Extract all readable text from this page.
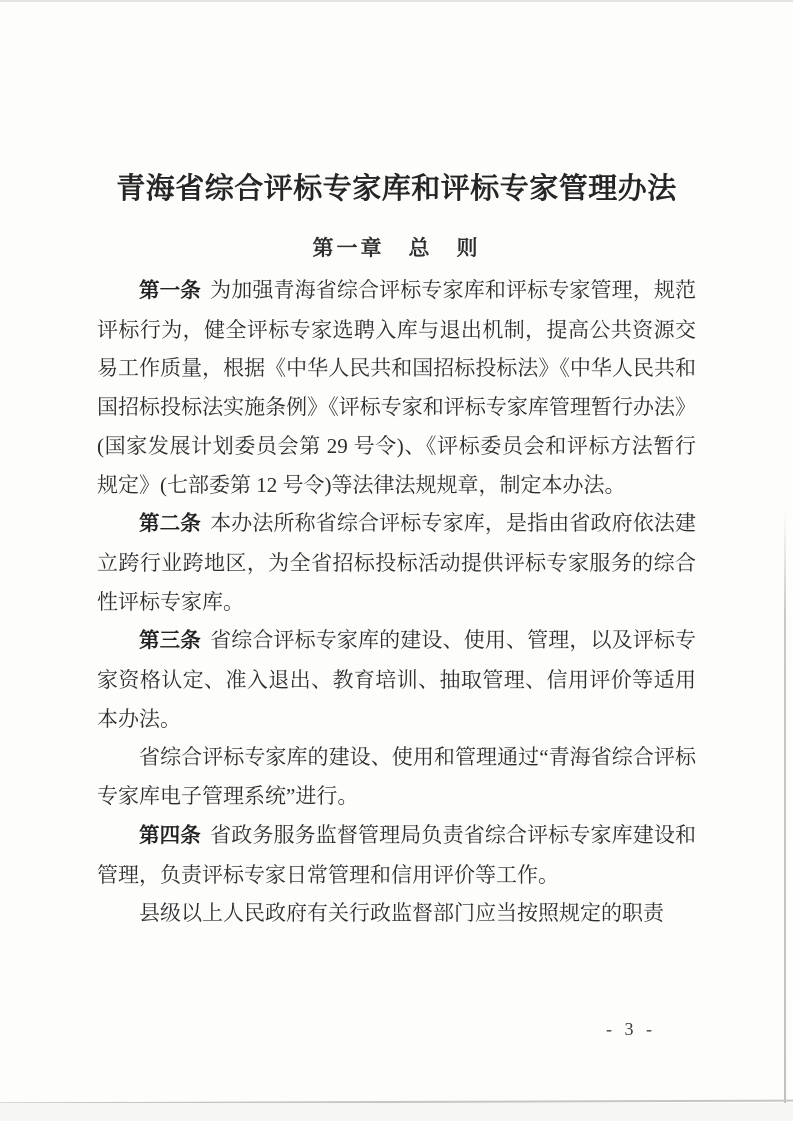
青海省综合评标专家库和评标专家管理办法
第一章　总　则

第一条 为加强青海省综合评标专家库和评标专家管理，规范评标行为，健全评标专家选聘入库与退出机制，提高公共资源交易工作质量，根据《中华人民共和国招标投标法》《中华人民共和国招标投标法实施条例》《评标专家和评标专家库管理暂行办法》(国家发展计划委员会第 29 号令)、《评标委员会和评标方法暂行规定》(七部委第 12 号令)等法律法规规章，制定本办法。

第二条 本办法所称省综合评标专家库，是指由省政府依法建立跨行业跨地区，为全省招标投标活动提供评标专家服务的综合性评标专家库。

第三条 省综合评标专家库的建设、使用、管理，以及评标专家资格认定、准入退出、教育培训、抽取管理、信用评价等适用本办法。

省综合评标专家库的建设、使用和管理通过“青海省综合评标专家库电子管理系统”进行。

第四条 省政务服务监督管理局负责省综合评标专家库建设和管理，负责评标专家日常管理和信用评价等工作。

县级以上人民政府有关行政监督部门应当按照规定的职责

- 3 -
